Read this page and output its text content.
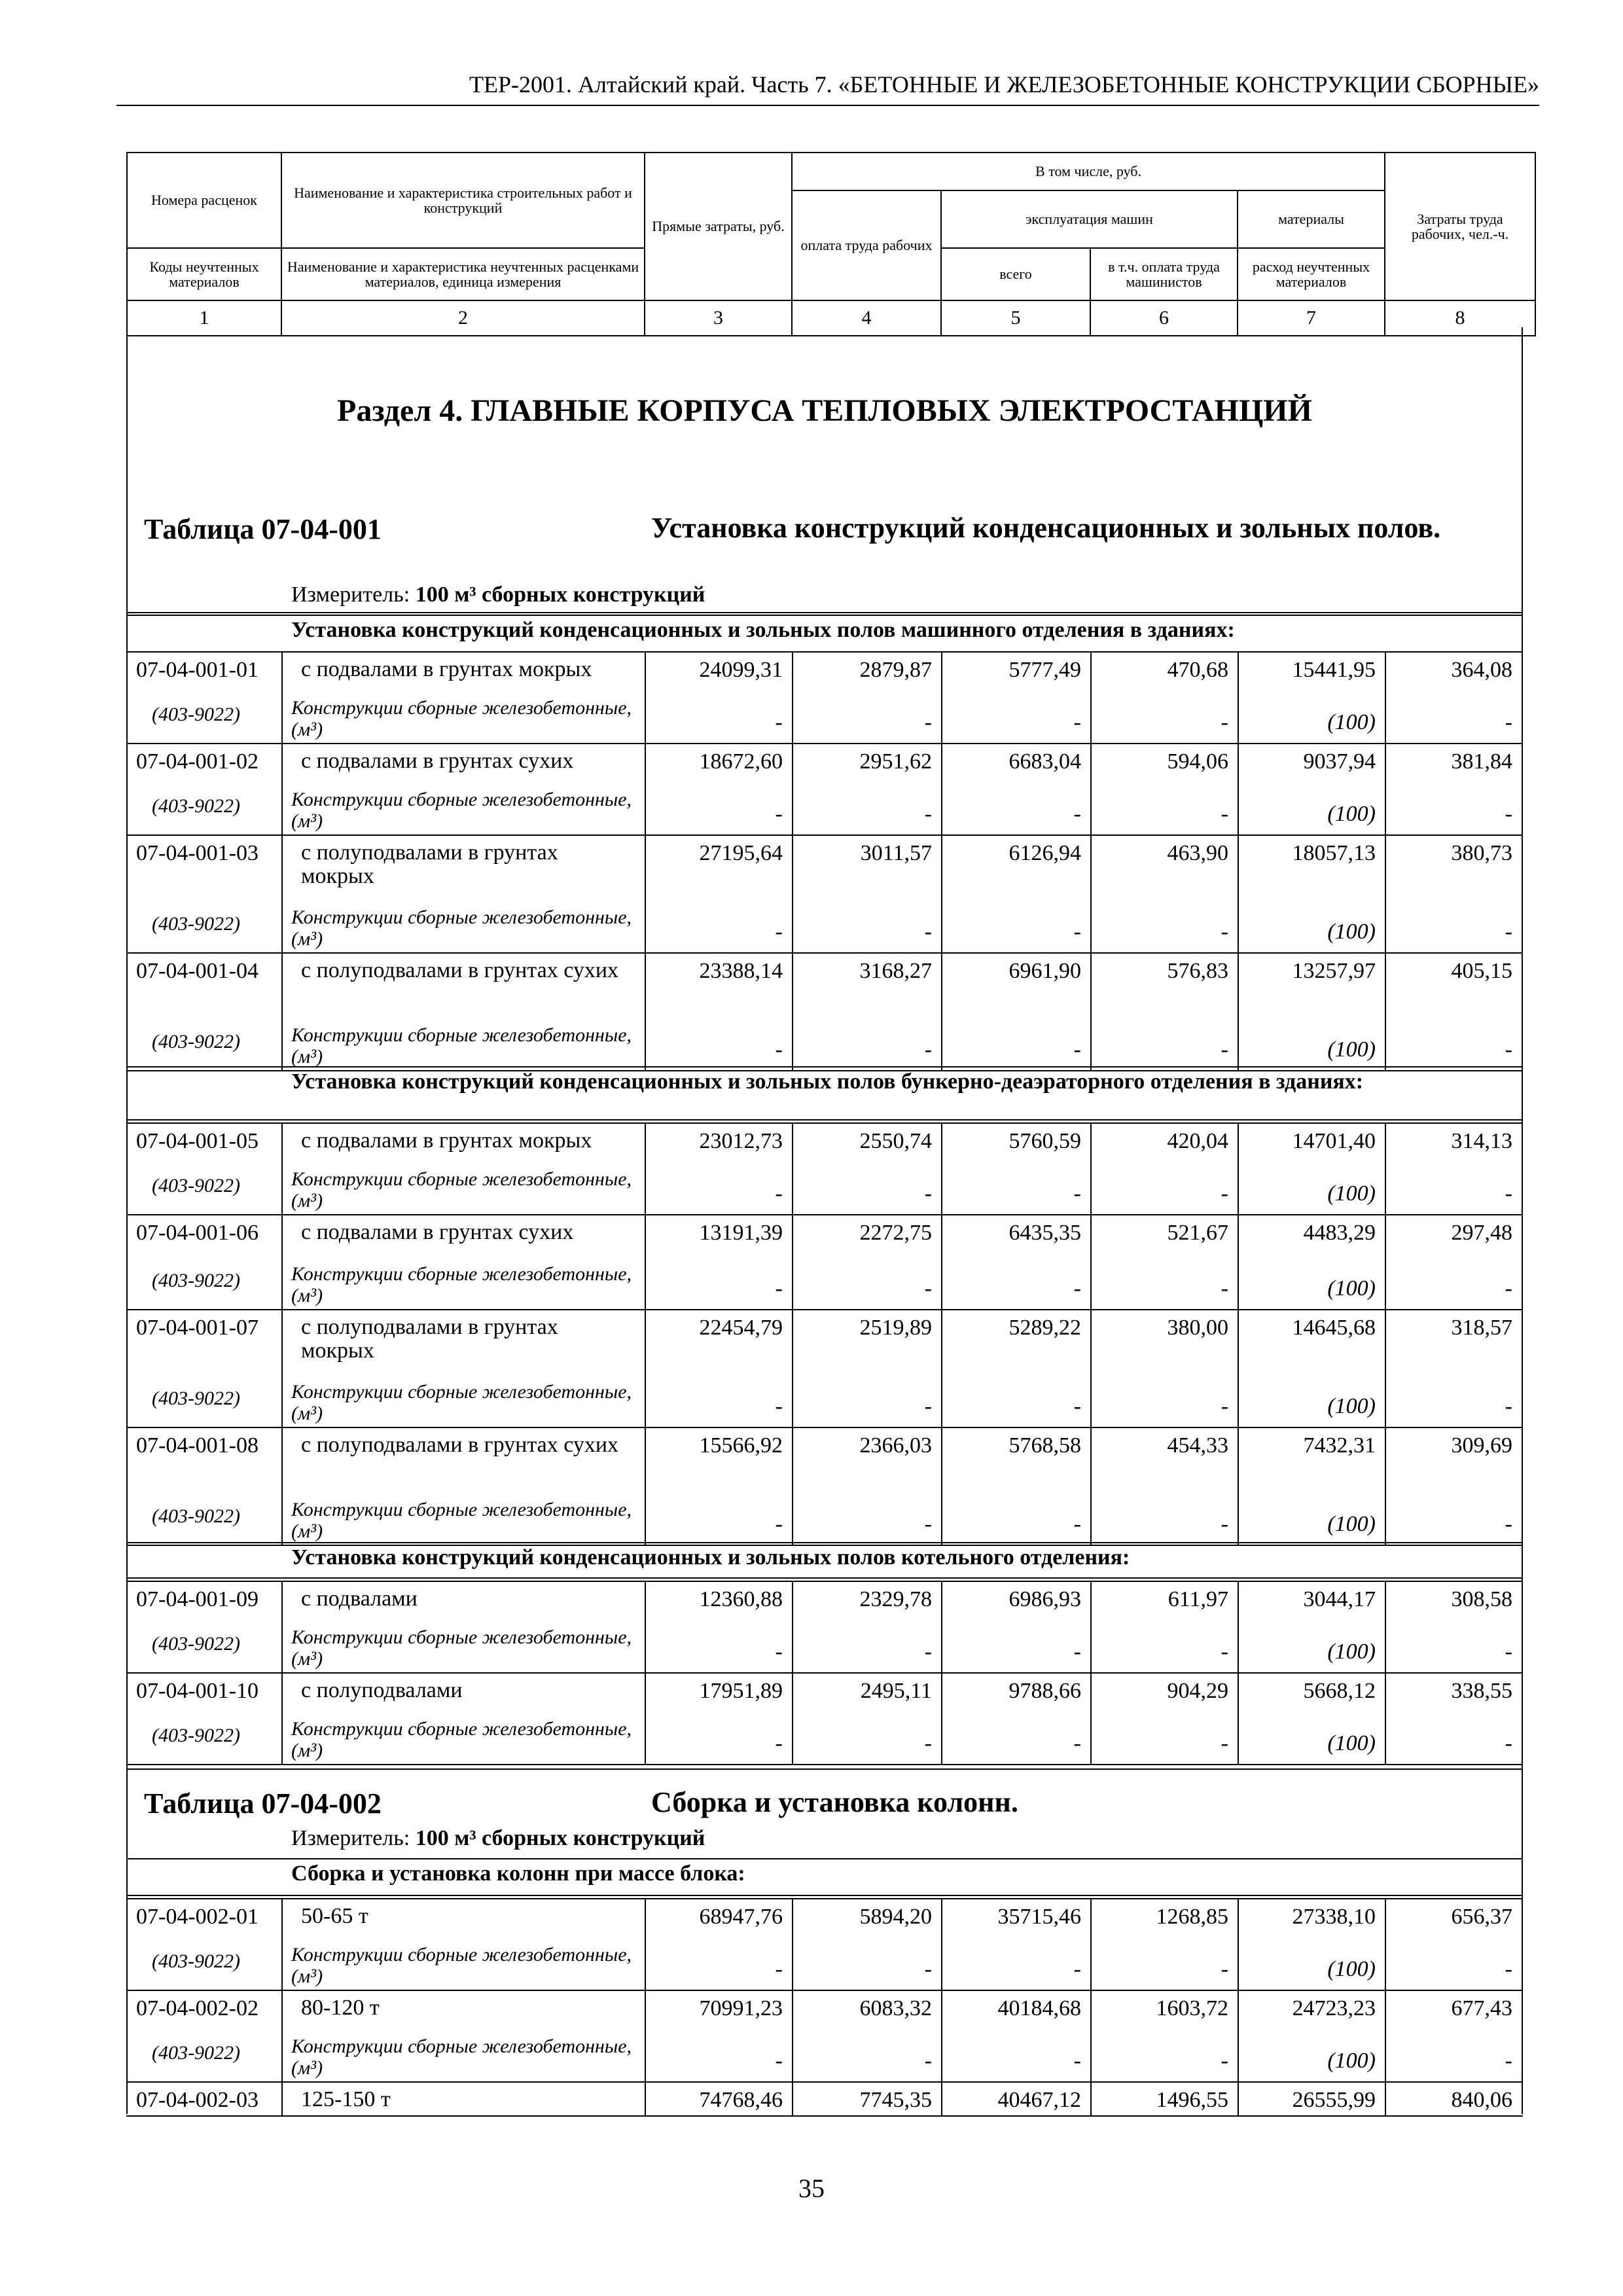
ТЕР-2001. Алтайский край. Часть 7. «БЕТОННЫЕ И ЖЕЛЕЗОБЕТОННЫЕ КОНСТРУКЦИИ СБОРНЫЕ»
Номера расценок	Наименование и характеристика строительных работ и конструкций	Прямые затраты, руб.	В том числе, руб.				Затраты труда рабочих, чел.-ч.
			оплата труда рабочих	эксплуатация машин		материалы	
Коды неучтенных материалов	Наименование и характеристика неучтенных расценками материалов, единица измерения			всего	в т.ч. оплата труда машинистов	расход неучтенных материалов	
1	2	3	4	5	6	7	8
Раздел 4. ГЛАВНЫЕ КОРПУСА ТЕПЛОВЫХ ЭЛЕКТРОСТАНЦИЙ
Таблица 07-04-001	Установка конструкций конденсационных и зольных полов.
Измеритель: 100 м³ сборных конструкций
Таблица 07-04-002	Сборка и установка колонн.
Измеритель: 100 м³ сборных конструкций
Установка конструкций конденсационных и зольных полов машинного отделения в зданиях:
Установка конструкций конденсационных и зольных полов бункерно-деаэраторного отделения в зданиях:
Установка конструкций конденсационных и зольных полов котельного отделения:
Сборка и установка колонн при массе блока:
07-04-001-01 с подвалами в грунтах мокрых	24099,31	2879,87	5777,49	470,68	15441,95	364,08
(403-9022)	Конструкции сборные железобетонные, (м³)	-	-	-	-	(100)	-
07-04-001-02 с подвалами в грунтах сухих	18672,60	2951,62	6683,04	594,06	9037,94	381,84
(403-9022)	Конструкции сборные железобетонные, (м³)	-	-	-	-	(100)	-
07-04-001-03 с полуподвалами в грунтах мокрых
27195,64	3011,57	6126,94	463,90	18057,13	380,73
(403-9022)	Конструкции сборные железобетонные, (м³)	-	-	-	-	(100)	-
07-04-001-04 с полуподвалами в грунтах сухих	23388,14	3168,27	6961,90	576,83	13257,97	405,15
(403-9022)	Конструкции сборные железобетонные, (м³)	-	-	-	-	(100)	-
07-04-001-05 с подвалами в грунтах мокрых	23012,73	2550,74	5760,59	420,04	14701,40	314,13
(403-9022)	Конструкции сборные железобетонные, (м³)	-	-	-	-	(100)	-
07-04-001-06 с подвалами в грунтах сухих	13191,39	2272,75	6435,35	521,67	4483,29	297,48
(403-9022)	Конструкции сборные железобетонные, (м³)	-	-	-	-	(100)	-
07-04-001-07 с полуподвалами в грунтах мокрых
22454,79	2519,89	5289,22	380,00	14645,68	318,57
(403-9022)	Конструкции сборные железобетонные, (м³)	-	-	-	-	(100)	-
07-04-001-08 с полуподвалами в грунтах сухих	15566,92	2366,03	5768,58	454,33	7432,31	309,69
(403-9022)	Конструкции сборные железобетонные, (м³)	-	-	-	-	(100)	-
07-04-001-09 с подвалами	12360,88	2329,78	6986,93	611,97	3044,17	308,58
(403-9022)	Конструкции сборные железобетонные, (м³)	-	-	-	-	(100)	-
07-04-001-10 с полуподвалами	17951,89	2495,11	9788,66	904,29	5668,12	338,55
(403-9022)	Конструкции сборные железобетонные, (м³)	-	-	-	-	(100)	-
07-04-002-01 50-65 т	68947,76	5894,20	35715,46	1268,85	27338,10	656,37
(403-9022)	Конструкции сборные железобетонные, (м³)	-	-	-	-	(100)	-
07-04-002-02 80-120 т	70991,23	6083,32	40184,68	1603,72	24723,23	677,43
(403-9022)	Конструкции сборные железобетонные, (м³)	-	-	-	-	(100)	-
07-04-002-03 125-150 т	74768,46	7745,35	40467,12	1496,55	26555,99	840,06
35
